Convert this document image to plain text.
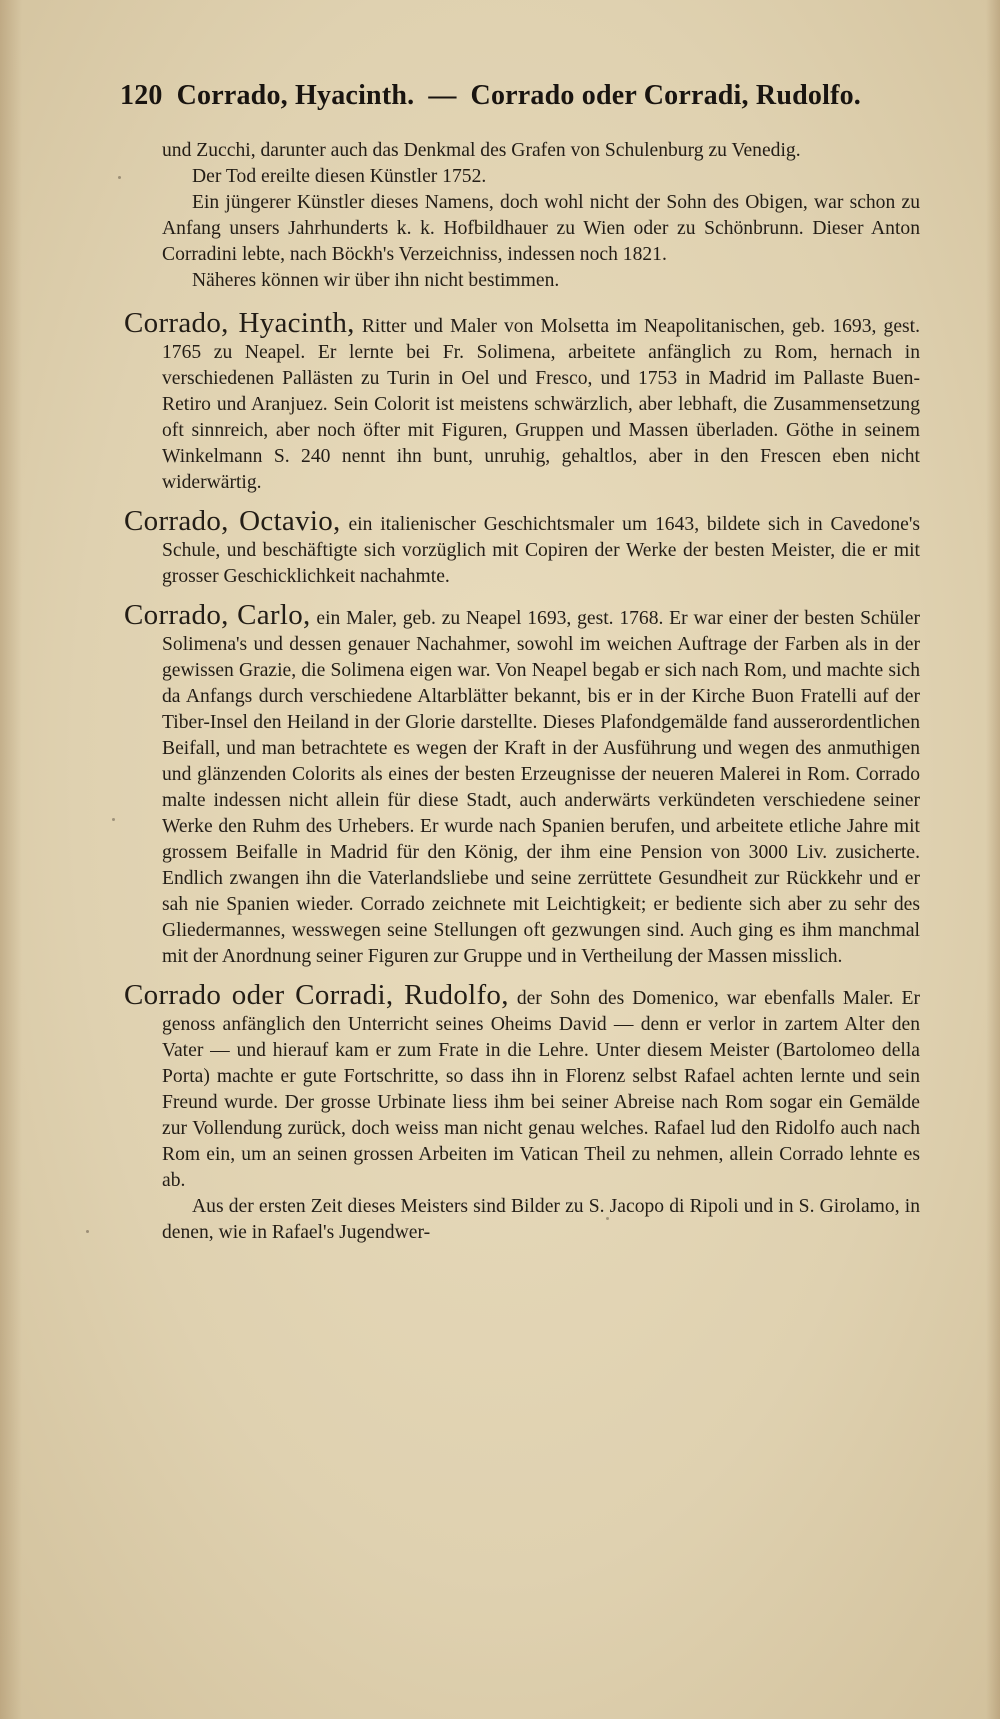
120 Corrado, Hyacinth. — Corrado oder Corradi, Rudolfo.

und Zucchi, darunter auch das Denkmal des Grafen von Schulenburg zu Venedig.

Der Tod ereilte diesen Künstler 1752.

Ein jüngerer Künstler dieses Namens, doch wohl nicht der Sohn des Obigen, war schon zu Anfang unsers Jahrhunderts k. k. Hofbildhauer zu Wien oder zu Schönbrunn. Dieser Anton Corradini lebte, nach Böckh's Verzeichniss, indessen noch 1821.

Näheres können wir über ihn nicht bestimmen.

Corrado, Hyacinth, Ritter und Maler von Molsetta im Neapolitanischen, geb. 1693, gest. 1765 zu Neapel. Er lernte bei Fr. Solimena, arbeitete anfänglich zu Rom, hernach in verschiedenen Pallästen zu Turin in Oel und Fresco, und 1753 in Madrid im Pallaste Buen-Retiro und Aranjuez. Sein Colorit ist meistens schwärzlich, aber lebhaft, die Zusammensetzung oft sinnreich, aber noch öfter mit Figuren, Gruppen und Massen überladen. Göthe in seinem Winkelmann S. 240 nennt ihn bunt, unruhig, gehaltlos, aber in den Frescen eben nicht widerwärtig.

Corrado, Octavio, ein italienischer Geschichtsmaler um 1643, bildete sich in Cavedone's Schule, und beschäftigte sich vorzüglich mit Copiren der Werke der besten Meister, die er mit grosser Geschicklichkeit nachahmte.

Corrado, Carlo, ein Maler, geb. zu Neapel 1693, gest. 1768. Er war einer der besten Schüler Solimena's und dessen genauer Nachahmer, sowohl im weichen Auftrage der Farben als in der gewissen Grazie, die Solimena eigen war. Von Neapel begab er sich nach Rom, und machte sich da Anfangs durch verschiedene Altarblätter bekannt, bis er in der Kirche Buon Fratelli auf der Tiber-Insel den Heiland in der Glorie darstellte. Dieses Plafondgemälde fand ausserordentlichen Beifall, und man betrachtete es wegen der Kraft in der Ausführung und wegen des anmuthigen und glänzenden Colorits als eines der besten Erzeugnisse der neueren Malerei in Rom. Corrado malte indessen nicht allein für diese Stadt, auch anderwärts verkündeten verschiedene seiner Werke den Ruhm des Urhebers. Er wurde nach Spanien berufen, und arbeitete etliche Jahre mit grossem Beifalle in Madrid für den König, der ihm eine Pension von 3000 Liv. zusicherte. Endlich zwangen ihn die Vaterlandsliebe und seine zerrüttete Gesundheit zur Rückkehr und er sah nie Spanien wieder. Corrado zeichnete mit Leichtigkeit; er bediente sich aber zu sehr des Gliedermannes, wesswegen seine Stellungen oft gezwungen sind. Auch ging es ihm manchmal mit der Anordnung seiner Figuren zur Gruppe und in Vertheilung der Massen misslich.

Corrado oder Corradi, Rudolfo, der Sohn des Domenico, war ebenfalls Maler. Er genoss anfänglich den Unterricht seines Oheims David — denn er verlor in zartem Alter den Vater — und hierauf kam er zum Frate in die Lehre. Unter diesem Meister (Bartolomeo della Porta) machte er gute Fortschritte, so dass ihn in Florenz selbst Rafael achten lernte und sein Freund wurde. Der grosse Urbinate liess ihm bei seiner Abreise nach Rom sogar ein Gemälde zur Vollendung zurück, doch weiss man nicht genau welches. Rafael lud den Ridolfo auch nach Rom ein, um an seinen grossen Arbeiten im Vatican Theil zu nehmen, allein Corrado lehnte es ab.

Aus der ersten Zeit dieses Meisters sind Bilder zu S. Jacopo di Ripoli und in S. Girolamo, in denen, wie in Rafael's Jugendwer-
